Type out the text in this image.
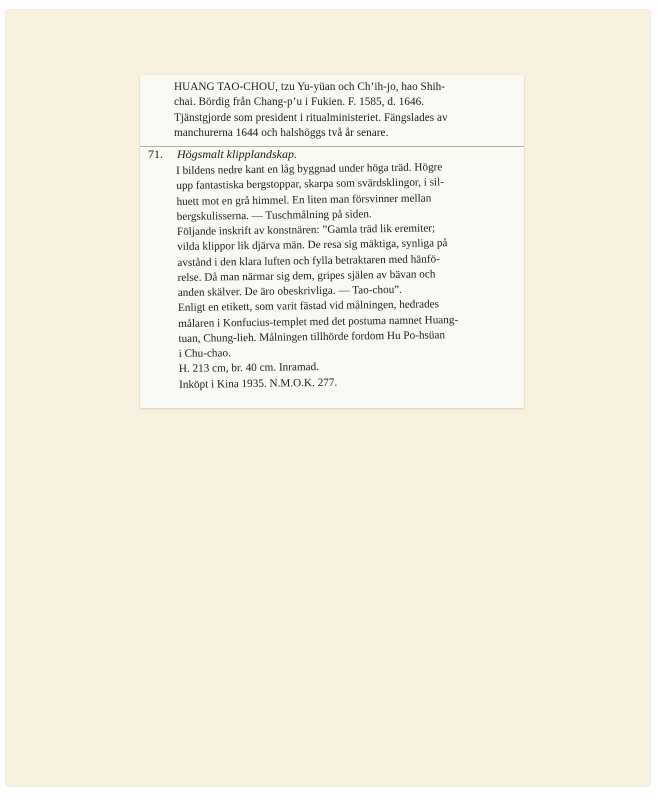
HUANG TAO-CHOU, tzu Yu-yüan och Ch’ih-jo, hao Shih-
chai. Bördig från Chang-p’u i Fukien. F. 1585, d. 1646.
Tjänstgjorde som president i ritualministeriet. Fängslades av
manchurerna 1644 och halshöggs två år senare.
71. Högsmalt klipplandskap.
I bildens nedre kant en låg byggnad under höga träd. Högre
upp fantastiska bergstoppar, skarpa som svärdsklingor, i sil-
huett mot en grå himmel. En liten man försvinner mellan
bergskulisserna. — Tuschmålning på siden.
Följande inskrift av konstnären: ”Gamla träd lik eremiter;
vilda klippor lik djärva män. De resa sig mäktiga, synliga på
avstånd i den klara luften och fylla betraktaren med hänfö-
relse. Då man närmar sig dem, gripes själen av bävan och
anden skälver. De äro obeskrivliga. — Tao-chou”.
Enligt en etikett, som varit fästad vid målningen, hedrades
målaren i Konfucius-templet med det postuma namnet Huang-
tuan, Chung-lieh. Målningen tillhörde fordom Hu Po-hsüan
i Chu-chao.
H. 213 cm, br. 40 cm. Inramad.
Inköpt i Kina 1935. N.M.O.K. 277.
